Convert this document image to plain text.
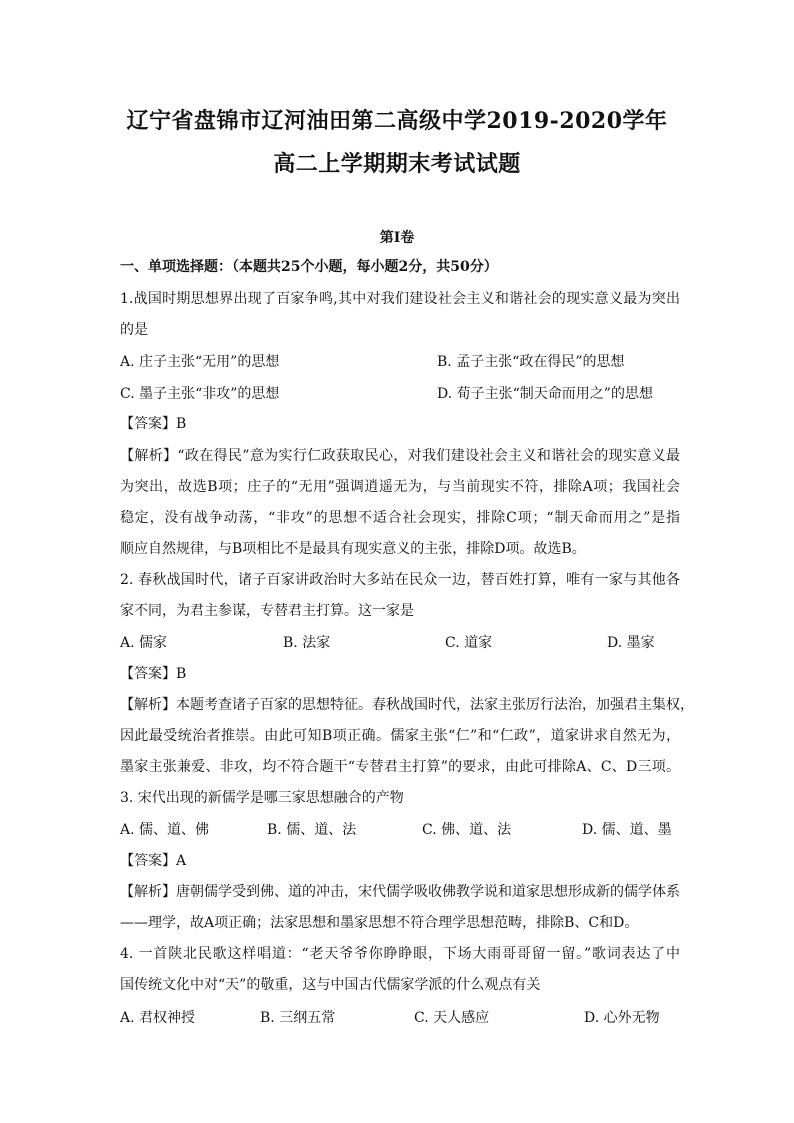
辽宁省盘锦市辽河油田第二高级中学2019-2020学年
高二上学期期末考试试题
第I卷
一、单项选择题：（本题共25个小题，每小题2分，共50分）
1.战国时期思想界出现了百家争鸣,其中对我们建设社会主义和谐社会的现实意义最为突出
的是
A. 庄子主张“无用”的思想	B. 孟子主张“政在得民”的思想
C. 墨子主张“非攻”的思想	D. 荀子主张“制天命而用之”的思想
【答案】B
【解析】“政在得民”意为实行仁政获取民心，对我们建设社会主义和谐社会的现实意义最
为突出，故选B项；庄子的“无用”强调逍遥无为，与当前现实不符，排除A项；我国社会
稳定，没有战争动荡，“非攻”的思想不适合社会现实，排除C项；“制天命而用之”是指
顺应自然规律，与B项相比不是最具有现实意义的主张，排除D项。故选B。
2. 春秋战国时代，诸子百家讲政治时大多站在民众一边，替百姓打算，唯有一家与其他各
家不同，为君主参谋，专替君主打算。这一家是
A. 儒家	B. 法家	C. 道家	D. 墨家
【答案】B
【解析】本题考查诸子百家的思想特征。春秋战国时代，法家主张厉行法治，加强君主集权，
因此最受统治者推崇。由此可知B项正确。儒家主张“仁”和“仁政”，道家讲求自然无为，
墨家主张兼爱、非攻，均不符合题干“专替君主打算”的要求，由此可排除A、C、D三项。
3. 宋代出现的新儒学是哪三家思想融合的产物
A. 儒、道、佛	B. 儒、道、法	C. 佛、道、法	D. 儒、道、墨
【答案】A
【解析】唐朝儒学受到佛、道的冲击，宋代儒学吸收佛教学说和道家思想形成新的儒学体系
——理学，故A项正确；法家思想和墨家思想不符合理学思想范畴，排除B、C和D。
4. 一首陕北民歌这样唱道：“老天爷爷你睁睁眼，下场大雨哥哥留一留。”歌词表达了中
国传统文化中对“天”的敬重，这与中国古代儒家学派的什么观点有关
A. 君权神授	B. 三纲五常	C. 天人感应	D. 心外无物
